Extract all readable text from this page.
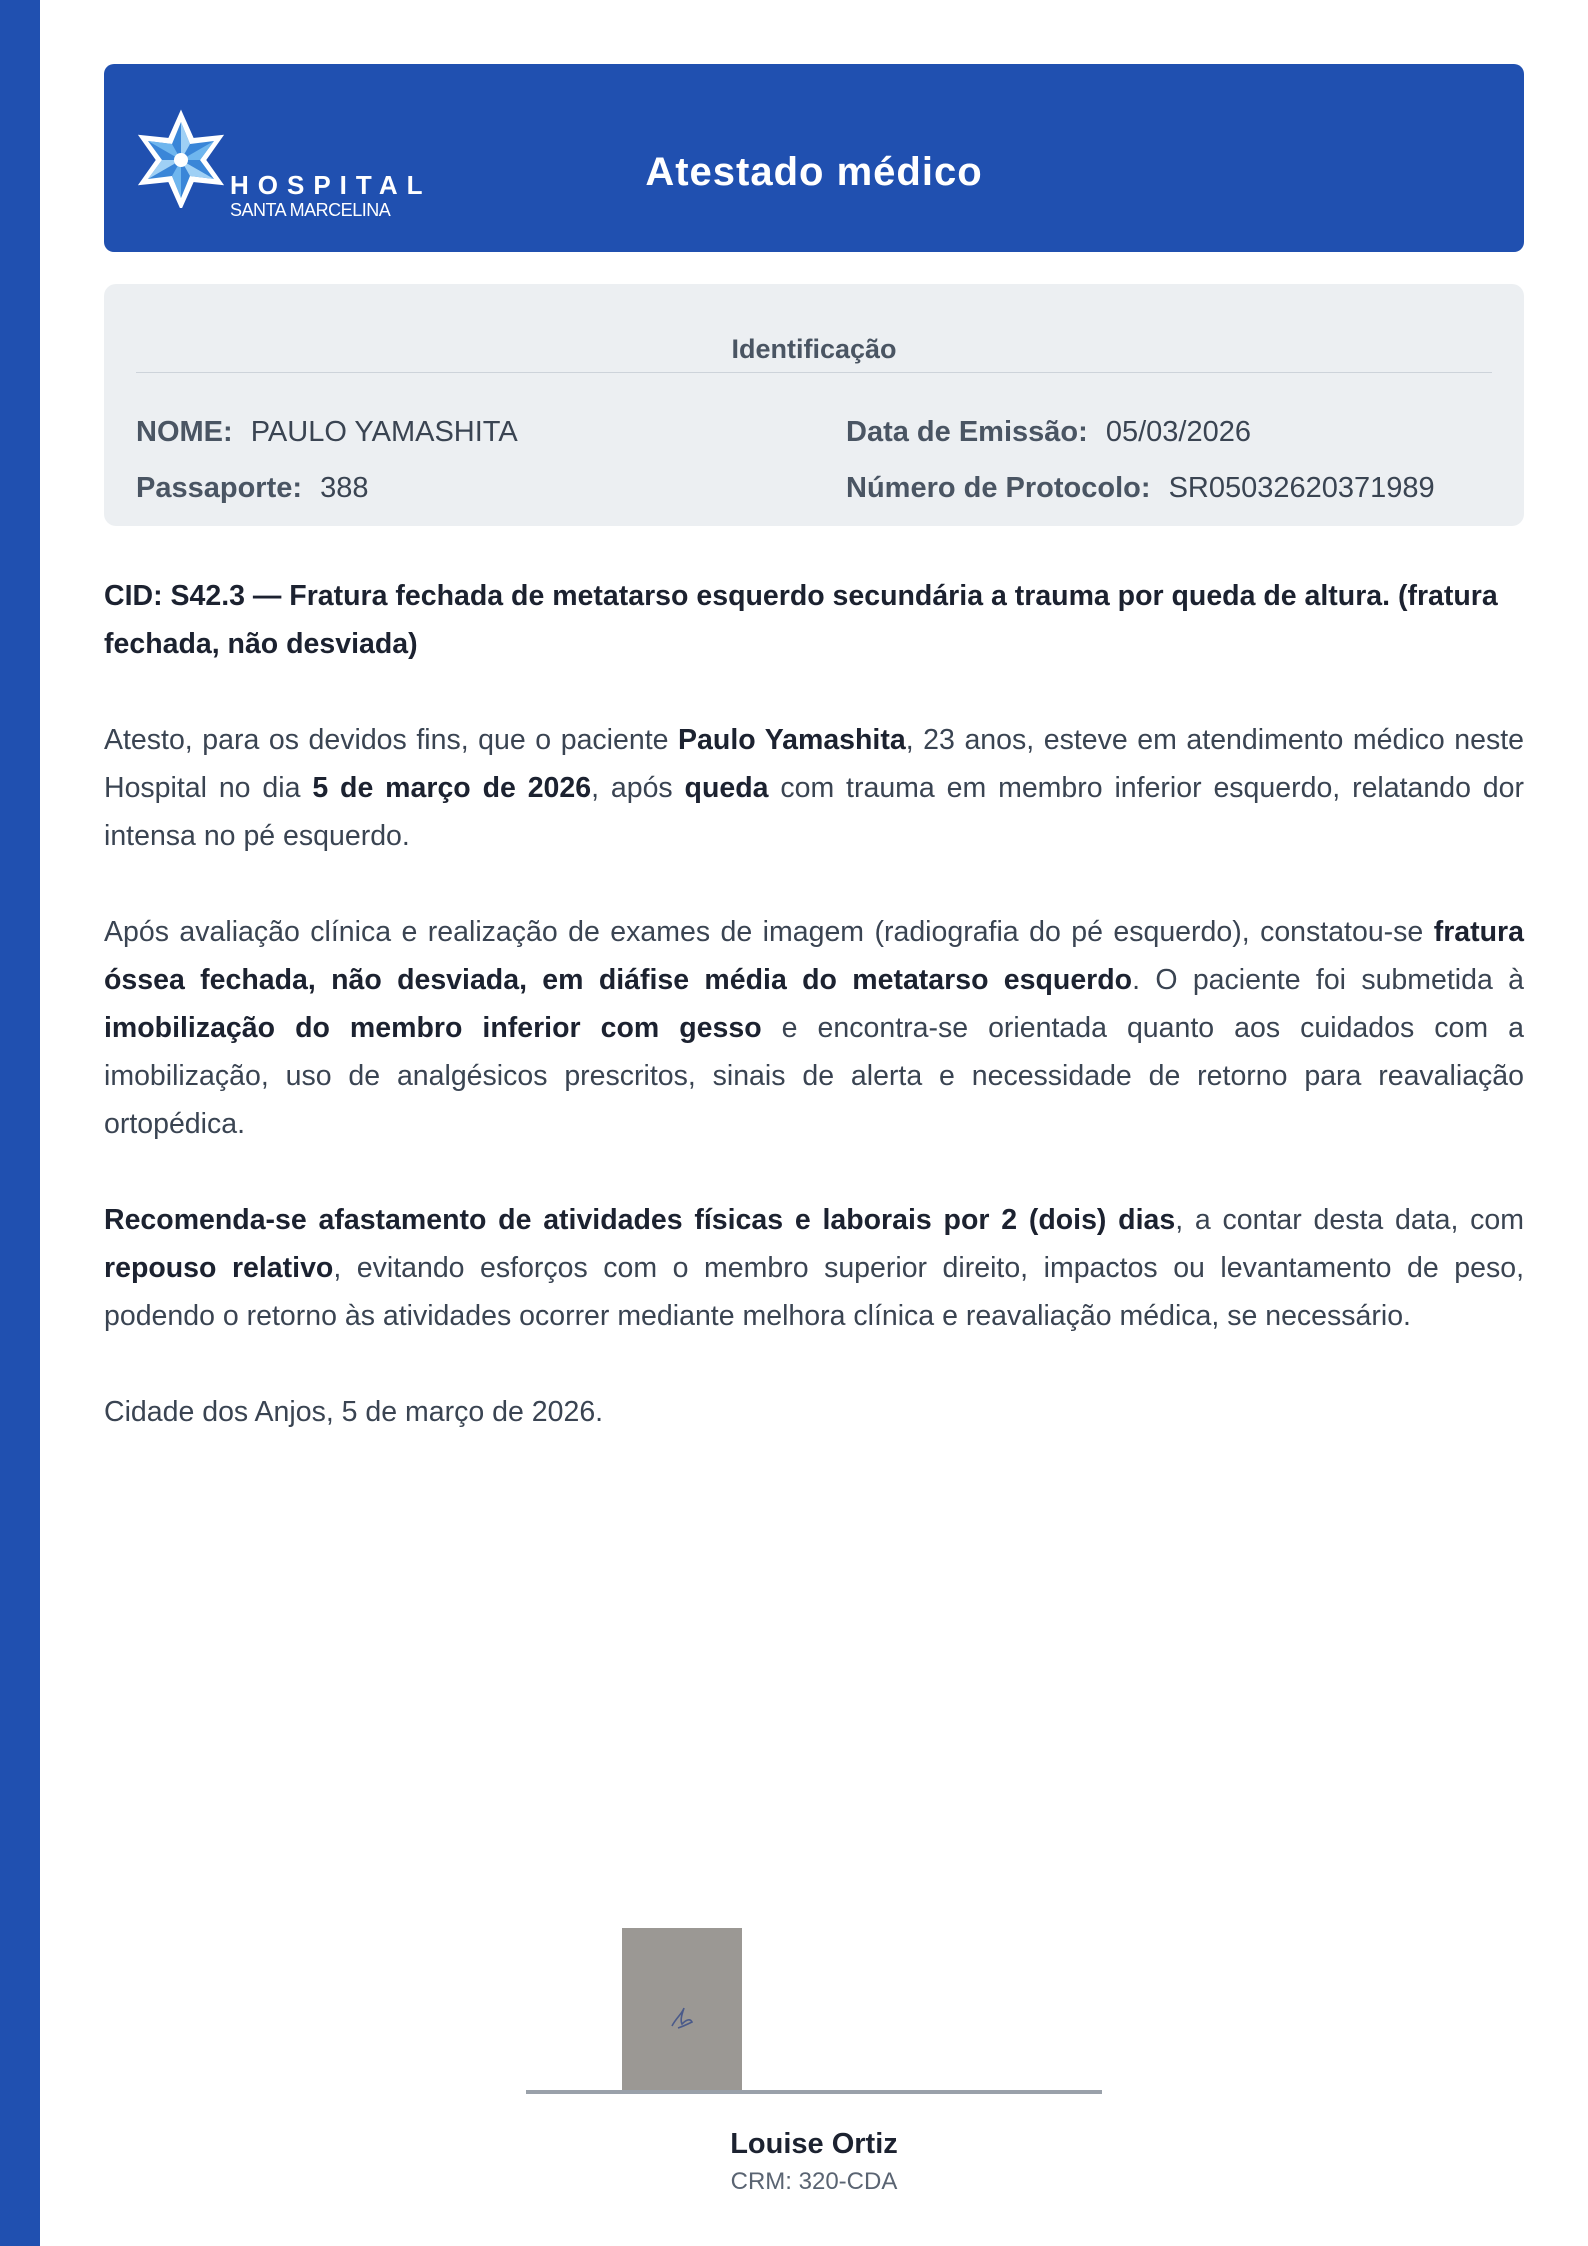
HOSPITAL
SANTA MARCELINA
Atestado médico
Identificação
NOME: PAULO YAMASHITA
Passaporte: 388
Data de Emissão: 05/03/2026
Número de Protocolo: SR05032620371989
CID: S42.3 — Fratura fechada de metatarso esquerdo secundária a trauma por queda de altura. (fratura fechada, não desviada)
Atesto, para os devidos fins, que o paciente Paulo Yamashita, 23 anos, esteve em atendimento médico neste Hospital no dia 5 de março de 2026, após queda com trauma em membro inferior esquerdo, relatando dor intensa no pé esquerdo.
Após avaliação clínica e realização de exames de imagem (radiografia do pé esquerdo), constatou-se fratura óssea fechada, não desviada, em diáfise média do metatarso esquerdo. O paciente foi submetida à imobilização do membro inferior com gesso e encontra-se orientada quanto aos cuidados com a imobilização, uso de analgésicos prescritos, sinais de alerta e necessidade de retorno para reavaliação ortopédica.
Recomenda-se afastamento de atividades físicas e laborais por 2 (dois) dias, a contar desta data, com repouso relativo, evitando esforços com o membro superior direito, impactos ou levantamento de peso, podendo o retorno às atividades ocorrer mediante melhora clínica e reavaliação médica, se necessário.
Cidade dos Anjos, 5 de março de 2026.
Louise Ortiz
CRM: 320-CDA
